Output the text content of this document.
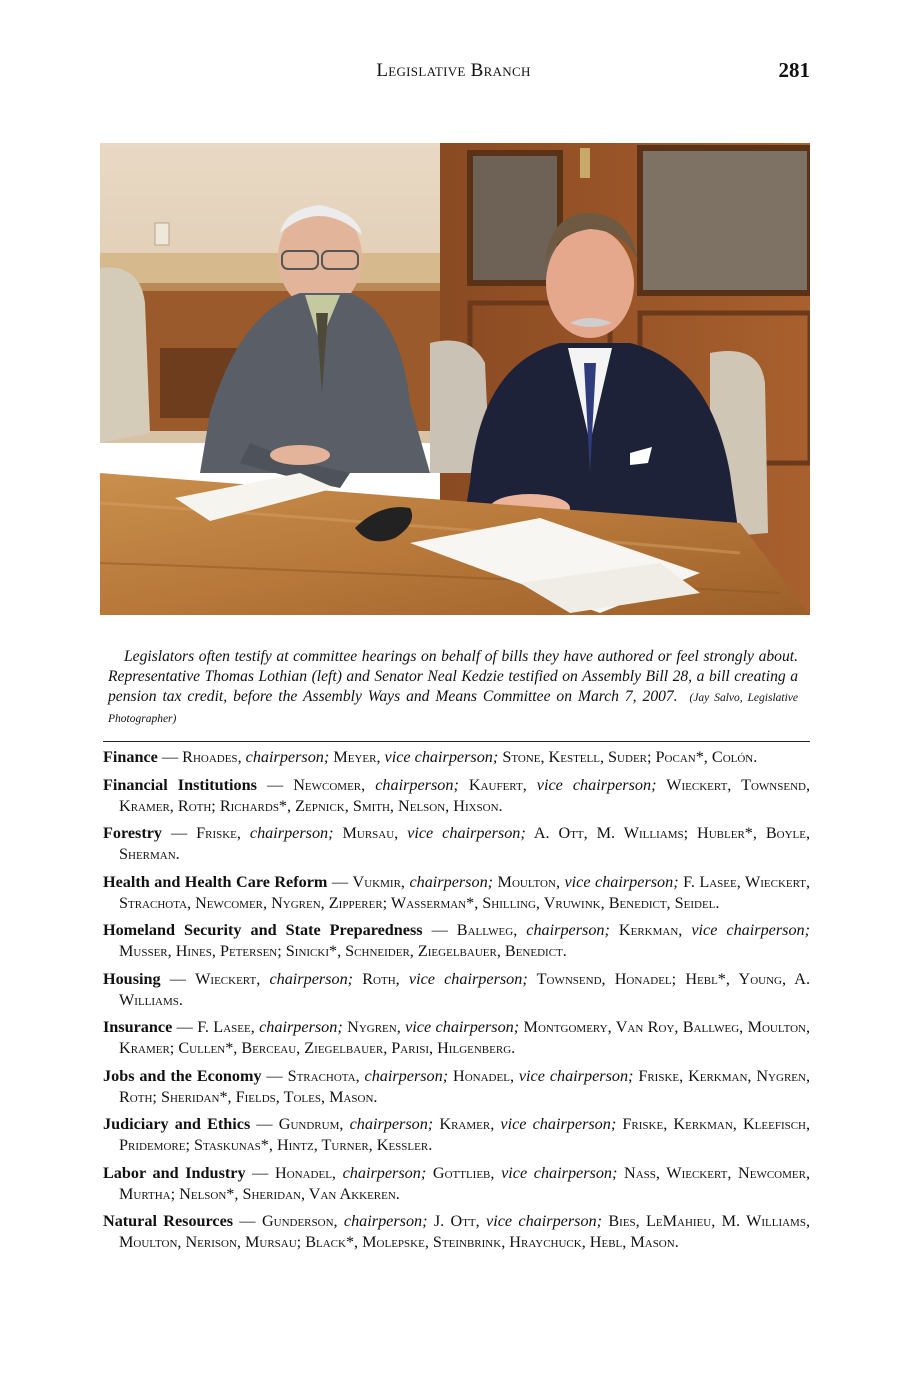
Legislative Branch	281
Legislators often testify at committee hearings on behalf of bills they have authored or feel strongly about. Representative Thomas Lothian (left) and Senator Neal Kedzie testified on Assembly Bill 28, a bill creating a pension tax credit, before the Assembly Ways and Means Committee on March 7, 2007. (Jay Salvo, Legislative Photographer)

Finance — Rhoades, chairperson; Meyer, vice chairperson; Stone, Kestell, Suder; Pocan*, Colón.

Financial Institutions — Newcomer, chairperson; Kaufert, vice chairperson; Wieckert, Townsend, Kramer, Roth; Richards*, Zepnick, Smith, Nelson, Hixson.

Forestry — Friske, chairperson; Mursau, vice chairperson; A. Ott, M. Williams; Hubler*, Boyle, Sherman.

Health and Health Care Reform — Vukmir, chairperson; Moulton, vice chairperson; F. Lasee, Wieckert, Strachota, Newcomer, Nygren, Zipperer; Wasserman*, Shilling, Vruwink, Benedict, Seidel.

Homeland Security and State Preparedness — Ballweg, chairperson; Kerkman, vice chairperson; Musser, Hines, Petersen; Sinicki*, Schneider, Ziegelbauer, Benedict.

Housing — Wieckert, chairperson; Roth, vice chairperson; Townsend, Honadel; Hebl*, Young, A. Williams.

Insurance — F. Lasee, chairperson; Nygren, vice chairperson; Montgomery, Van Roy, Ballweg, Moulton, Kramer; Cullen*, Berceau, Ziegelbauer, Parisi, Hilgenberg.

Jobs and the Economy — Strachota, chairperson; Honadel, vice chairperson; Friske, Kerkman, Nygren, Roth; Sheridan*, Fields, Toles, Mason.

Judiciary and Ethics — Gundrum, chairperson; Kramer, vice chairperson; Friske, Kerkman, Kleefisch, Pridemore; Staskunas*, Hintz, Turner, Kessler.

Labor and Industry — Honadel, chairperson; Gottlieb, vice chairperson; Nass, Wieckert, Newcomer, Murtha; Nelson*, Sheridan, Van Akkeren.

Natural Resources — Gunderson, chairperson; J. Ott, vice chairperson; Bies, LeMahieu, M. Williams, Moulton, Nerison, Mursau; Black*, Molepske, Steinbrink, Hraychuck, Hebl, Mason.
